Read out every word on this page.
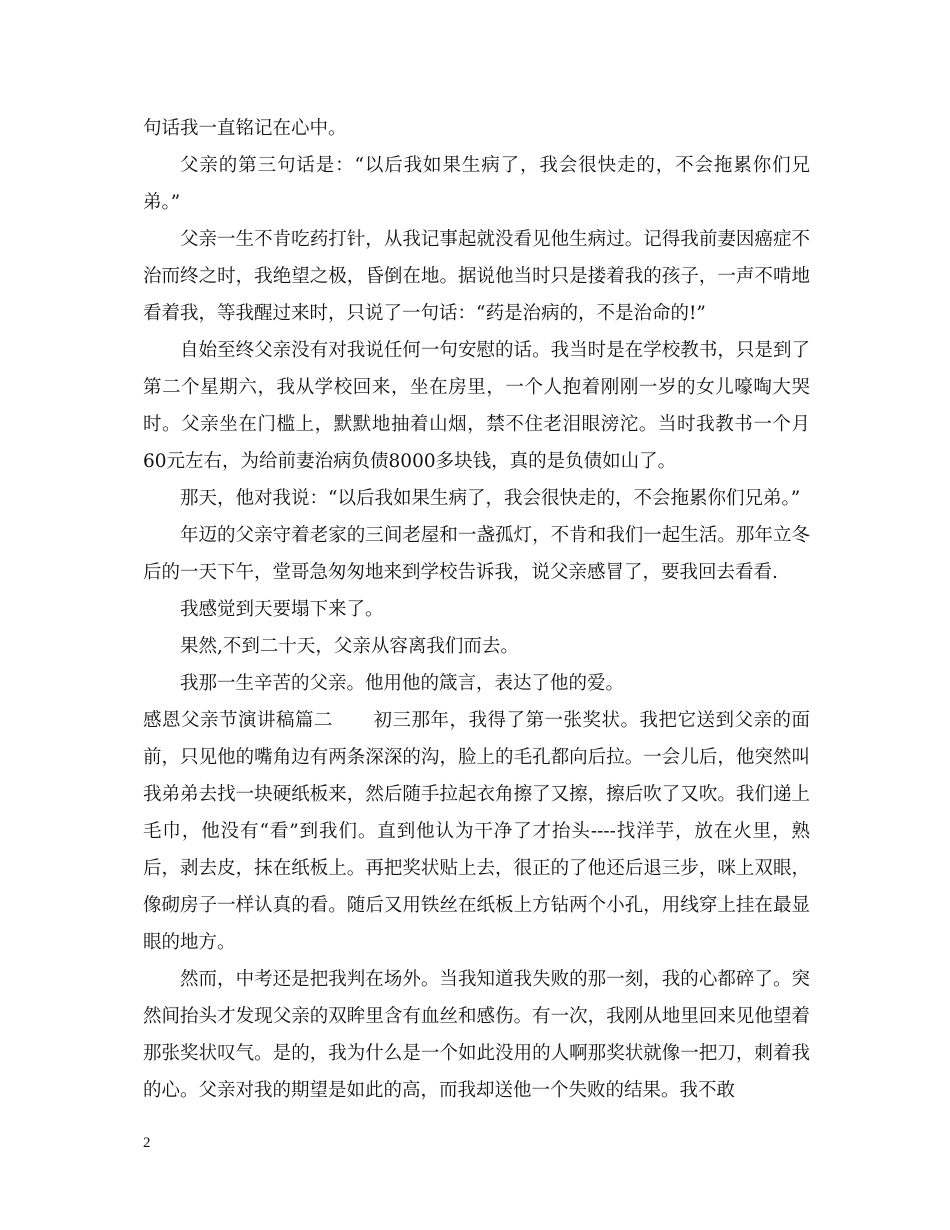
句话我一直铭记在心中。

父亲的第三句话是：“以后我如果生病了，我会很快走的，不会拖累你们兄弟。”

父亲一生不肯吃药打针，从我记事起就没看见他生病过。记得我前妻因癌症不治而终之时，我绝望之极，昏倒在地。据说他当时只是搂着我的孩子，一声不啃地看着我，等我醒过来时，只说了一句话：“药是治病的，不是治命的!”

自始至终父亲没有对我说任何一句安慰的话。我当时是在学校教书，只是到了第二个星期六，我从学校回来，坐在房里，一个人抱着刚刚一岁的女儿嚎啕大哭时。父亲坐在门槛上，默默地抽着山烟，禁不住老泪眼滂沱。当时我教书一个月60元左右，为给前妻治病负债8000多块钱，真的是负债如山了。

那天，他对我说：“以后我如果生病了，我会很快走的，不会拖累你们兄弟。”

年迈的父亲守着老家的三间老屋和一盏孤灯，不肯和我们一起生活。那年立冬后的一天下午，堂哥急匆匆地来到学校告诉我，说父亲感冒了，要我回去看看.

我感觉到天要塌下来了。

果然,不到二十天，父亲从容离我们而去。

我那一生辛苦的父亲。他用他的箴言，表达了他的爱。

感恩父亲节演讲稿篇二 初三那年，我得了第一张奖状。我把它送到父亲的面前，只见他的嘴角边有两条深深的沟，脸上的毛孔都向后拉。一会儿后，他突然叫我弟弟去找一块硬纸板来，然后随手拉起衣角擦了又擦，擦后吹了又吹。我们递上毛巾，他没有“看”到我们。直到他认为干净了才抬头----找洋芋，放在火里，熟后，剥去皮，抹在纸板上。再把奖状贴上去，很正的了他还后退三步，咪上双眼，像砌房子一样认真的看。随后又用铁丝在纸板上方钻两个小孔，用线穿上挂在最显眼的地方。

然而，中考还是把我判在场外。当我知道我失败的那一刻，我的心都碎了。突然间抬头才发现父亲的双眸里含有血丝和感伤。有一次，我刚从地里回来见他望着那张奖状叹气。是的，我为什么是一个如此没用的人啊那奖状就像一把刀，刺着我的心。父亲对我的期望是如此的高，而我却送他一个失败的结果。我不敢

2
